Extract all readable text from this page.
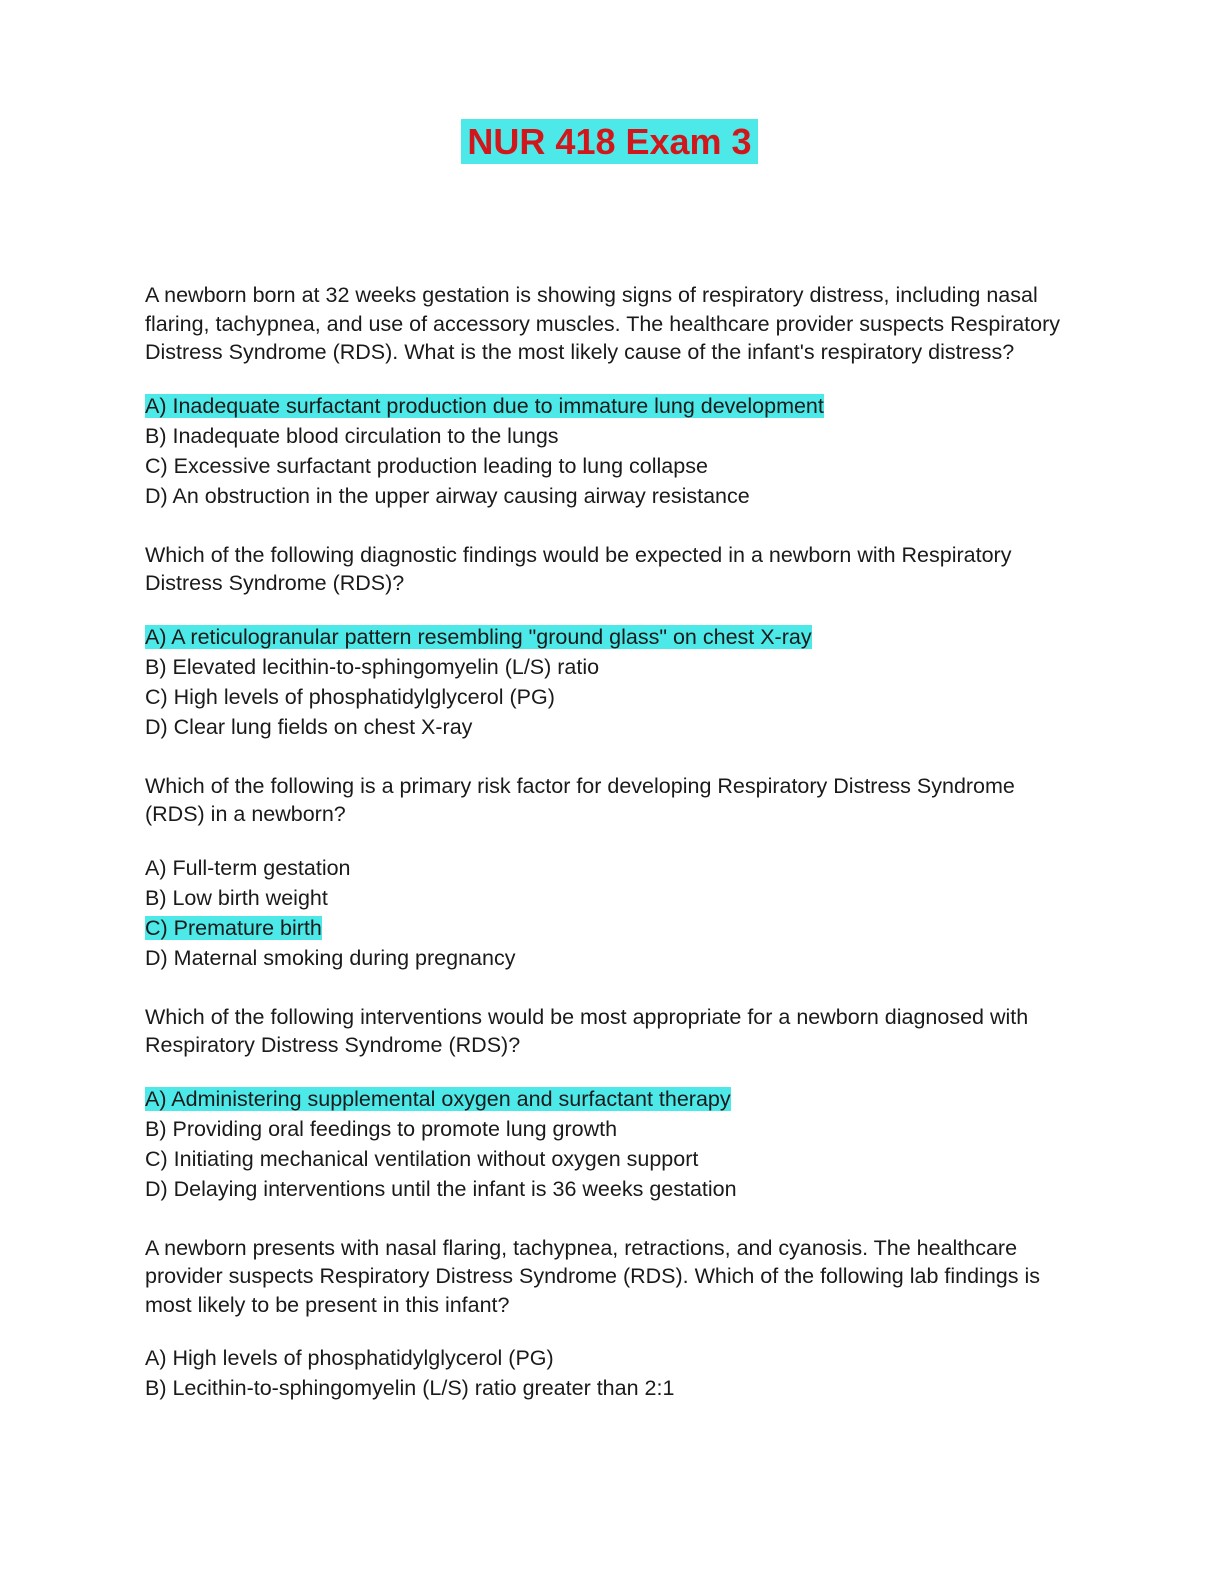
NUR 418 Exam 3

A newborn born at 32 weeks gestation is showing signs of respiratory distress, including nasal flaring, tachypnea, and use of accessory muscles. The healthcare provider suspects Respiratory Distress Syndrome (RDS). What is the most likely cause of the infant's respiratory distress?

A) Inadequate surfactant production due to immature lung development
B) Inadequate blood circulation to the lungs
C) Excessive surfactant production leading to lung collapse
D) An obstruction in the upper airway causing airway resistance

Which of the following diagnostic findings would be expected in a newborn with Respiratory Distress Syndrome (RDS)?

A) A reticulogranular pattern resembling "ground glass" on chest X-ray
B) Elevated lecithin-to-sphingomyelin (L/S) ratio
C) High levels of phosphatidylglycerol (PG)
D) Clear lung fields on chest X-ray

Which of the following is a primary risk factor for developing Respiratory Distress Syndrome (RDS) in a newborn?

A) Full-term gestation
B) Low birth weight
C) Premature birth
D) Maternal smoking during pregnancy

Which of the following interventions would be most appropriate for a newborn diagnosed with Respiratory Distress Syndrome (RDS)?

A) Administering supplemental oxygen and surfactant therapy
B) Providing oral feedings to promote lung growth
C) Initiating mechanical ventilation without oxygen support
D) Delaying interventions until the infant is 36 weeks gestation

A newborn presents with nasal flaring, tachypnea, retractions, and cyanosis. The healthcare provider suspects Respiratory Distress Syndrome (RDS). Which of the following lab findings is most likely to be present in this infant?

A) High levels of phosphatidylglycerol (PG)
B) Lecithin-to-sphingomyelin (L/S) ratio greater than 2:1
